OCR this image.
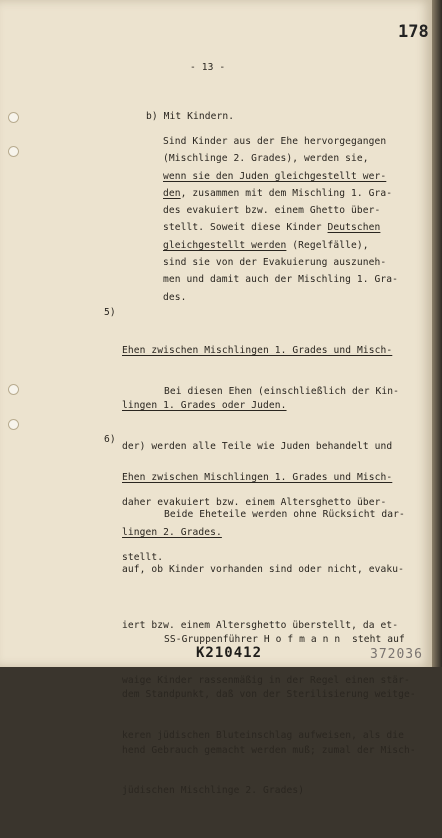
178
- 13 -
b) Mit Kindern.
Sind Kinder aus der Ehe hervorgegangen
(Mischlinge 2. Grades), werden sie,
wenn sie den Juden gleichgestellt wer-
den, zusammen mit dem Mischling 1. Gra-
des evakuiert bzw. einem Ghetto über-
stellt. Soweit diese Kinder Deutschen
gleichgestellt werden (Regelfälle),
sind sie von der Evakuierung auszuneh-
men und damit auch der Mischling 1. Gra-
des.
5)

Ehen zwischen Mischlingen 1. Grades und Misch-

lingen 1. Grades oder Juden.

Bei diesen Ehen (einschließlich der Kin-

der) werden alle Teile wie Juden behandelt und

daher evakuiert bzw. einem Altersghetto über-

stellt.

6)

Ehen zwischen Mischlingen 1. Grades und Misch-

lingen 2. Grades.

Beide Eheteile werden ohne Rücksicht dar-

auf, ob Kinder vorhanden sind oder nicht, evaku-

iert bzw. einem Altersghetto überstellt, da et-

waige Kinder rassenmäßig in der Regel einen stär-

keren jüdischen Bluteinschlag aufweisen, als die

jüdischen Mischlinge 2. Grades)

SS-Gruppenführer H o f m a n n  steht auf

dem Standpunkt, daß von der Sterilisierung weitge-

hend Gebrauch gemacht werden muß; zumal der Misch-

K210412	372036
